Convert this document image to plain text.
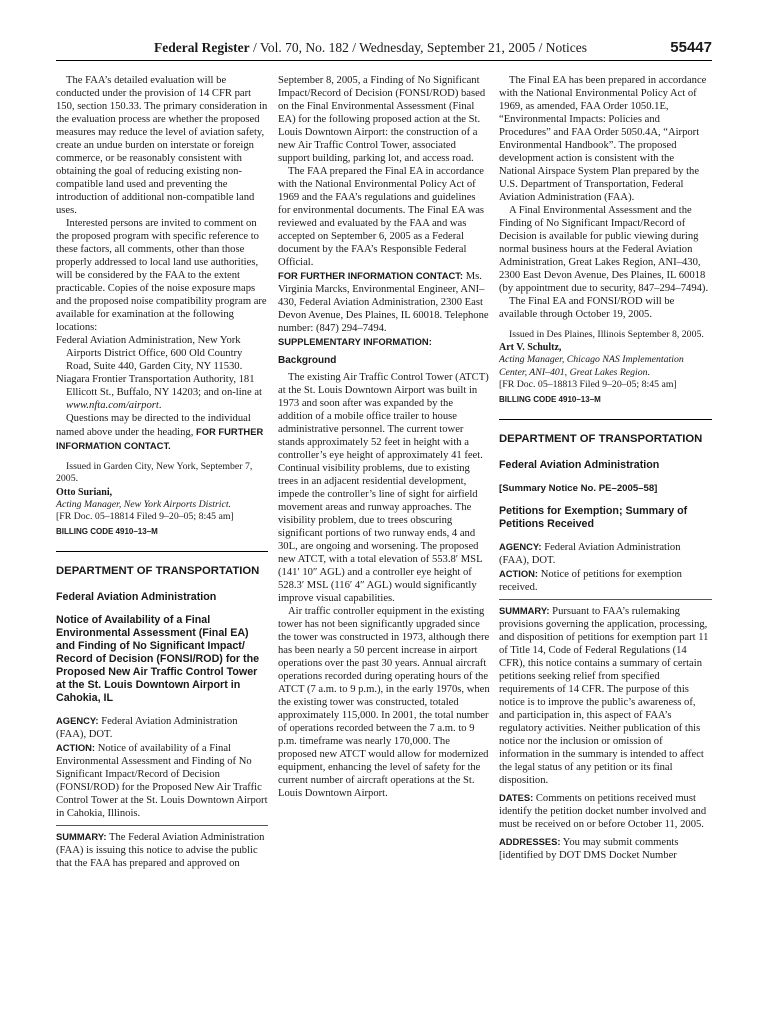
Federal Register / Vol. 70, No. 182 / Wednesday, September 21, 2005 / Notices	55447

The FAA’s detailed evaluation will be conducted under the provision of 14 CFR part 150, section 150.33. The primary consideration in the evaluation process are whether the proposed measures may reduce the level of aviation safety, create an undue burden on interstate or foreign commerce, or be reasonably consistent with obtaining the goal of reducing existing non-compatible land used and preventing the introduction of additional non-compatible land uses.

Interested persons are invited to comment on the proposed program with specific reference to these factors, all comments, other than those properly addressed to local land use authorities, will be considered by the FAA to the extent practicable. Copies of the noise exposure maps and the proposed noise compatibility program are available for examination at the following locations:

Federal Aviation Administration, New York Airports District Office, 600 Old Country Road, Suite 440, Garden City, NY 11530.

Niagara Frontier Transportation Authority, 181 Ellicott St., Buffalo, NY 14203; and on-line at www.nfta.com/airport.

Questions may be directed to the individual named above under the heading, FOR FURTHER INFORMATION CONTACT.

Issued in Garden City, New York, September 7, 2005.

Otto Suriani,

Acting Manager, New York Airports District.

[FR Doc. 05–18814 Filed 9–20–05; 8:45 am]

BILLING CODE 4910–13–M

DEPARTMENT OF TRANSPORTATION
Federal Aviation Administration
Notice of Availability of a Final Environmental Assessment (Final EA) and Finding of No Significant Impact/ Record of Decision (FONSI/ROD) for the Proposed New Air Traffic Control Tower at the St. Louis Downtown Airport in Cahokia, IL

AGENCY: Federal Aviation Administration (FAA), DOT.

ACTION: Notice of availability of a Final Environmental Assessment and Finding of No Significant Impact/Record of Decision (FONSI/ROD) for the Proposed New Air Traffic Control Tower at the St. Louis Downtown Airport in Cahokia, Illinois.

SUMMARY: The Federal Aviation Administration (FAA) is issuing this notice to advise the public that the FAA has prepared and approved on

September 8, 2005, a Finding of No Significant Impact/Record of Decision (FONSI/ROD) based on the Final Environmental Assessment (Final EA) for the following proposed action at the St. Louis Downtown Airport: the construction of a new Air Traffic Control Tower, associated support building, parking lot, and access road.

The FAA prepared the Final EA in accordance with the National Environmental Policy Act of 1969 and the FAA’s regulations and guidelines for environmental documents. The Final EA was reviewed and evaluated by the FAA and was accepted on September 6, 2005 as a Federal document by the FAA’s Responsible Federal Official.

FOR FURTHER INFORMATION CONTACT: Ms. Virginia Marcks, Environmental Engineer, ANI–430, Federal Aviation Administration, 2300 East Devon Avenue, Des Plaines, IL 60018. Telephone number: (847) 294–7494.

SUPPLEMENTARY INFORMATION:

Background

The existing Air Traffic Control Tower (ATCT) at the St. Louis Downtown Airport was built in 1973 and soon after was expanded by the addition of a mobile office trailer to house administrative personnel. The current tower stands approximately 52 feet in height with a controller’s eye height of approximately 41 feet. Continual visibility problems, due to existing trees in an adjacent residential development, impede the controller’s line of sight for airfield movement areas and runway approaches. The visibility problem, due to trees obscuring significant portions of two runway ends, 4 and 30L, are ongoing and worsening. The proposed new ATCT, with a total elevation of 553.8′ MSL (141′ 10″ AGL) and a controller eye height of 528.3′ MSL (116′ 4″ AGL) would significantly improve visual capabilities.

Air traffic controller equipment in the existing tower has not been significantly upgraded since the tower was constructed in 1973, although there has been nearly a 50 percent increase in airport operations over the past 30 years. Annual aircraft operations recorded during operating hours of the ATCT (7 a.m. to 9 p.m.), in the early 1970s, when the existing tower was constructed, totaled approximately 115,000. In 2001, the total number of operations recorded between the 7 a.m. to 9 p.m. timeframe was nearly 170,000. The proposed new ATCT would allow for modernized equipment, enhancing the level of safety for the current number of aircraft operations at the St. Louis Downtown Airport.

The Final EA has been prepared in accordance with the National Environmental Policy Act of 1969, as amended, FAA Order 1050.1E, “Environmental Impacts: Policies and Procedures” and FAA Order 5050.4A, “Airport Environmental Handbook”. The proposed development action is consistent with the National Airspace System Plan prepared by the U.S. Department of Transportation, Federal Aviation Administration (FAA).

A Final Environmental Assessment and the Finding of No Significant Impact/Record of Decision is available for public viewing during normal business hours at the Federal Aviation Administration, Great Lakes Region, ANI–430, 2300 East Devon Avenue, Des Plaines, IL 60018 (by appointment due to security, 847–294–7494).

The Final EA and FONSI/ROD will be available through October 19, 2005.

Issued in Des Plaines, Illinois September 8, 2005.

Art V. Schultz,

Acting Manager, Chicago NAS Implementation Center, ANI–401, Great Lakes Region.

[FR Doc. 05–18813 Filed 9–20–05; 8:45 am]

BILLING CODE 4910–13–M

DEPARTMENT OF TRANSPORTATION
Federal Aviation Administration
[Summary Notice No. PE–2005–58]
Petitions for Exemption; Summary of Petitions Received

AGENCY: Federal Aviation Administration (FAA), DOT.

ACTION: Notice of petitions for exemption received.

SUMMARY: Pursuant to FAA’s rulemaking provisions governing the application, processing, and disposition of petitions for exemption part 11 of Title 14, Code of Federal Regulations (14 CFR), this notice contains a summary of certain petitions seeking relief from specified requirements of 14 CFR. The purpose of this notice is to improve the public’s awareness of, and participation in, this aspect of FAA’s regulatory activities. Neither publication of this notice nor the inclusion or omission of information in the summary is intended to affect the legal status of any petition or its final disposition.

DATES: Comments on petitions received must identify the petition docket number involved and must be received on or before October 11, 2005.

ADDRESSES: You may submit comments [identified by DOT DMS Docket Number
